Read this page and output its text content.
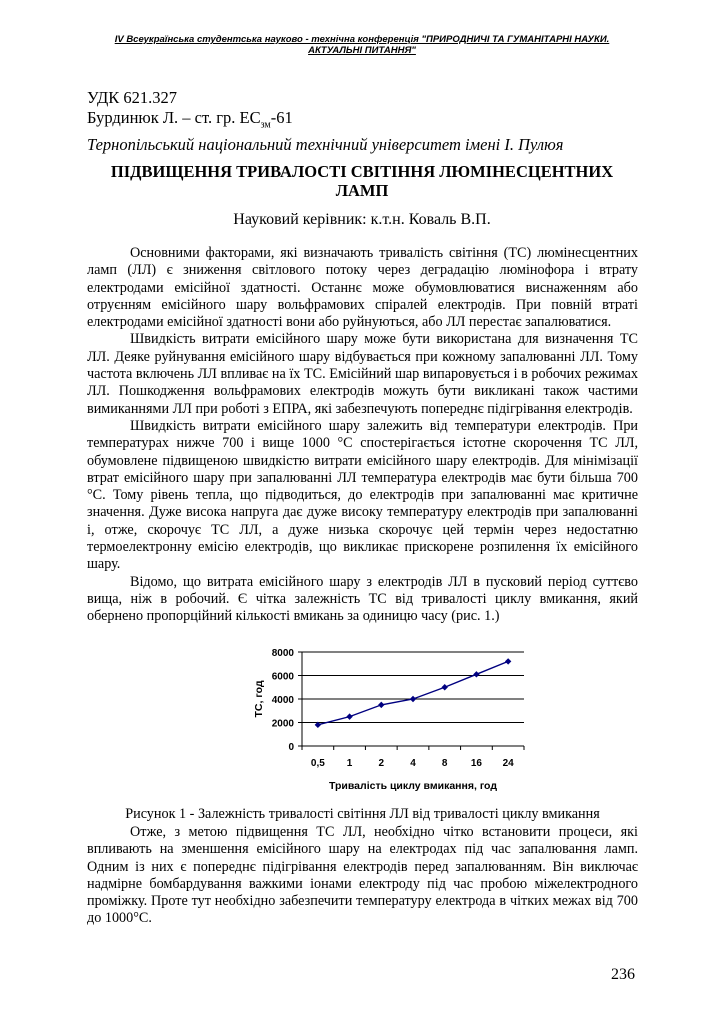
IV Всеукраїнська студентська науково - технічна конференція "ПРИРОДНИЧІ ТА ГУМАНІТАРНІ НАУКИ.
АКТУАЛЬНІ ПИТАННЯ"
УДК 621.327
Бурдинюк Л. – ст. гр. $ЕС_{зм}-61$
Тернопільський національний технічний університет імені І. Пулюя
ПІДВИЩЕННЯ ТРИВАЛОСТІ СВІТІННЯ ЛЮМІНЕСЦЕНТНИХ
ЛАМП
Науковий керівник: к.т.н. Коваль В.П.

Основними факторами, які визначають тривалість світіння (ТС) люмінесцентних ламп (ЛЛ) є зниження світлового потоку через деградацію люмінофора і втрату електродами емісійної здатності. Останнє може обумовлюватися виснаженням або отруєнням емісійного шару вольфрамових спіралей електродів. При повній втраті електродами емісійної здатності вони або руйнуються, або ЛЛ перестає запалюватися.

Швидкість витрати емісійного шару може бути використана для визначення ТС ЛЛ. Деяке руйнування емісійного шару відбувається при кожному запалюванні ЛЛ. Тому частота включень ЛЛ впливає на їх ТС. Емісійний шар випаровується і в робочих режимах ЛЛ. Пошкодження вольфрамових електродів можуть бути викликані також частими вимиканнями ЛЛ при роботі з ЕПРА, які забезпечують попереднє підігрівання електродів.

Швидкість витрати емісійного шару залежить від температури електродів. При температурах нижче 700 і вище 1000 °С спостерігається істотне скорочення ТС ЛЛ, обумовлене підвищеною швидкістю витрати емісійного шару електродів. Для мінімізації втрат емісійного шару при запалюванні ЛЛ температура електродів має бути більша 700 °С. Тому рівень тепла, що підводиться, до електродів при запалюванні має критичне значення. Дуже висока напруга дає дуже високу температуру електродів при запалюванні і, отже, скорочує ТС ЛЛ, а дуже низька скорочує цей термін через недостатню термоелектронну емісію електродів, що викликає прискорене розпилення їх емісійного шару.

Відомо, що витрата емісійного шару з електродів ЛЛ в пусковий період суттєво вища, ніж в робочий. Є чітка залежність ТС від тривалості циклу вмикання, який обернено пропорційний кількості вмикань за одиницю часу (рис. 1.)

0
2000
4000
6000
8000
0,5 1	2	4	8 16 24
Тривалість циклу вмикання, год
ТС, год
Рисунок 1 - Залежність тривалості світіння ЛЛ від тривалості циклу вмикання

Отже, з метою підвищення ТС ЛЛ, необхідно чітко встановити процеси, які впливають на зменшення емісійного шару на електродах під час запалювання ламп. Одним із них є попереднє підігрівання електродів перед запалюванням. Він виключає надмірне бомбардування важкими іонами електроду під час пробою міжелектродного проміжку. Проте тут необхідно забезпечити температуру електрода в чітких межах від 700 до 1000°С.

236
